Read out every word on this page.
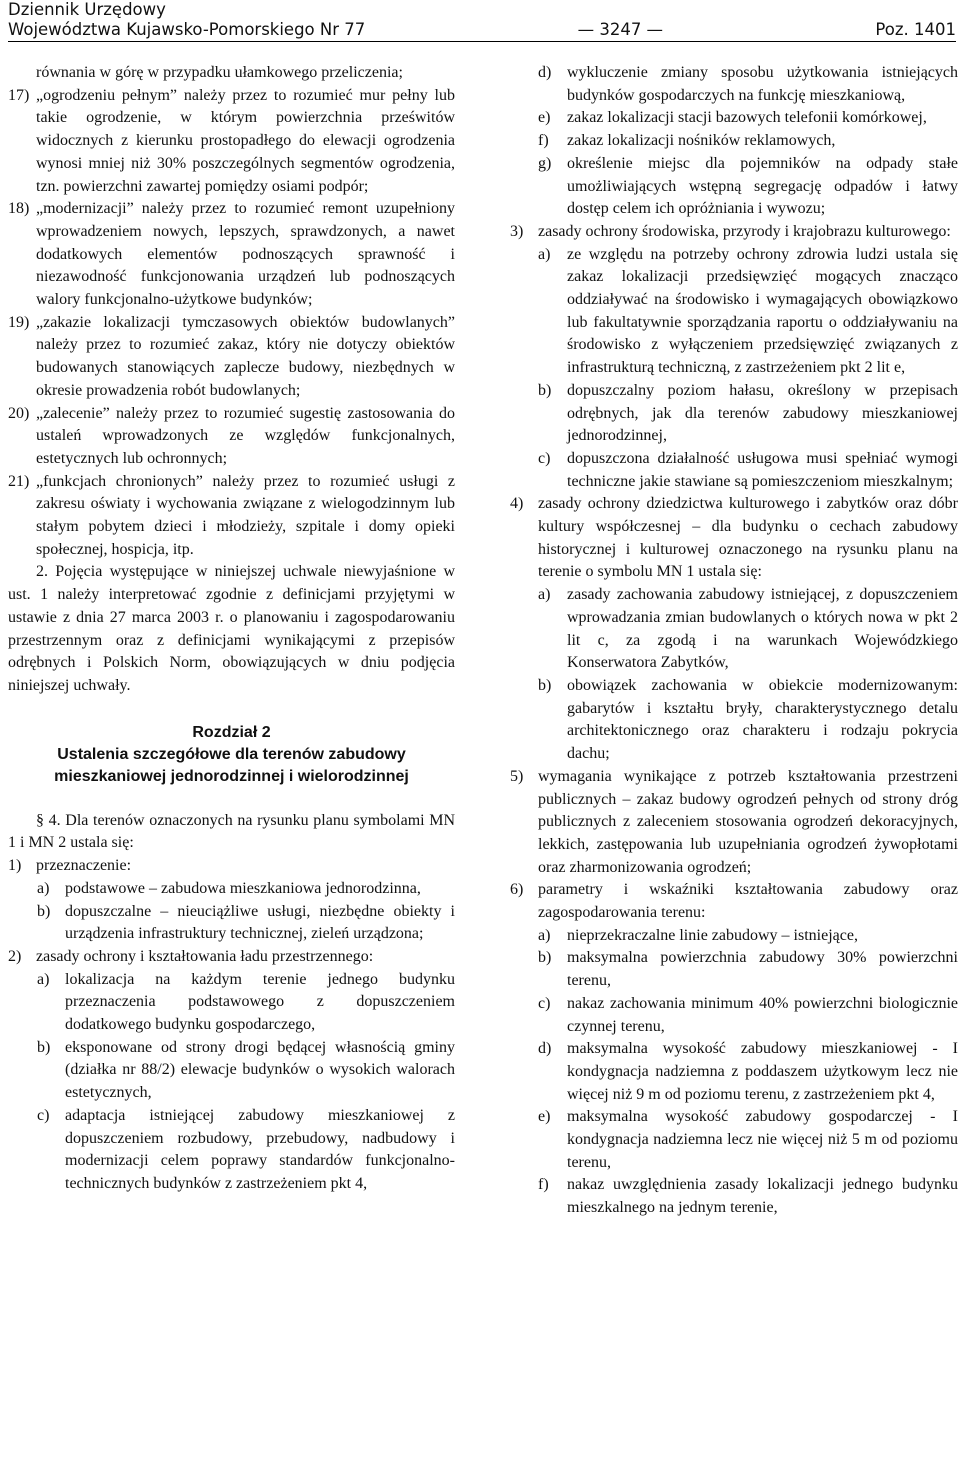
Dziennik Urzędowy
Województwa Kujawsko-Pomorskiego Nr 77	— 3247 —	Poz. 1401

równania w górę w przypadku ułamkowego przeliczenia;

17) „ogrodzeniu pełnym” należy przez to rozumieć mur pełny lub takie ogrodzenie, w którym powierzchnia prześwitów widocznych z kierunku prostopadłego do elewacji ogrodzenia wynosi mniej niż 30% poszczególnych segmentów ogrodzenia, tzn. powierzchni zawartej pomiędzy osiami podpór;

18) „modernizacji” należy przez to rozumieć remont uzupełniony wprowadzeniem nowych, lepszych, sprawdzonych, a nawet dodatkowych elementów podnoszących sprawność i niezawodność funkcjonowania urządzeń lub podnoszących walory funkcjonalno-użytkowe budynków;

19) „zakazie lokalizacji tymczasowych obiektów budowlanych” należy przez to rozumieć zakaz, który nie dotyczy obiektów budowanych stanowiących zaplecze budowy, niezbędnych w okresie prowadzenia robót budowlanych;

20) „zalecenie” należy przez to rozumieć sugestię zastosowania do ustaleń wprowadzonych ze względów funkcjonalnych, estetycznych lub ochronnych;

21) „funkcjach chronionych” należy przez to rozumieć usługi z zakresu oświaty i wychowania związane z wielogodzinnym lub stałym pobytem dzieci i młodzieży, szpitale i domy opieki społecznej, hospicja, itp.

2. Pojęcia występujące w niniejszej uchwale niewyjaśnione w ust. 1 należy interpretować zgodnie z definicjami przyjętymi w ustawie z dnia 27 marca 2003 r. o planowaniu i zagospodarowaniu przestrzennym oraz z definicjami wynikającymi z przepisów odrębnych i Polskich Norm, obowiązujących w dniu podjęcia niniejszej uchwały.

Rozdział 2

Ustalenia szczegółowe dla terenów zabudowy

mieszkaniowej jednorodzinnej i wielorodzinnej

§ 4. Dla terenów oznaczonych na rysunku planu symbolami MN 1 i MN 2 ustala się:

1) przeznaczenie:

a) podstawowe – zabudowa mieszkaniowa jednorodzinna,

b) dopuszczalne – nieuciążliwe usługi, niezbędne obiekty i urządzenia infrastruktury technicznej, zieleń urządzona;

2) zasady ochrony i kształtowania ładu przestrzennego:

a) lokalizacja na każdym terenie jednego budynku przeznaczenia podstawowego z dopuszczeniem dodatkowego budynku gospodarczego,

b) eksponowane od strony drogi będącej własnością gminy (działka nr 88/2) elewacje budynków o wysokich walorach estetycznych,

c) adaptacja istniejącej zabudowy mieszkaniowej z dopuszczeniem rozbudowy, przebudowy, nadbudowy i modernizacji celem poprawy standardów funkcjonalno-technicznych budynków z zastrzeżeniem pkt 4,

d) wykluczenie zmiany sposobu użytkowania istniejących budynków gospodarczych na funkcję mieszkaniową,

e)	zakaz lokalizacji stacji bazowych telefonii komórkowej,

f)	zakaz lokalizacji nośników reklamowych,

g) określenie miejsc dla pojemników na odpady stałe umożliwiających wstępną segregację odpadów i łatwy dostęp celem ich opróżniania i wywozu;

3) zasady ochrony środowiska, przyrody i krajobrazu kulturowego:

a)	ze względu na potrzeby ochrony zdrowia ludzi ustala się zakaz lokalizacji przedsięwzięć mogących znacząco oddziaływać na środowisko i wymagających obowiązkowo lub fakultatywnie sporządzania raportu o oddziaływaniu na środowisko z wyłączeniem przedsięwzięć związanych z infrastrukturą techniczną, z zastrzeżeniem pkt 2 lit e,

b) dopuszczalny poziom hałasu, określony w przepisach odrębnych, jak dla terenów zabudowy mieszkaniowej jednorodzinnej,

c)	dopuszczona działalność usługowa musi spełniać wymogi techniczne jakie stawiane są pomieszczeniom mieszkalnym;

4) zasady ochrony dziedzictwa kulturowego i zabytków oraz dóbr kultury współczesnej – dla budynku o cechach zabudowy historycznej i kulturowej oznaczonego na rysunku planu na terenie o symbolu MN 1 ustala się:

a)	zasady zachowania zabudowy istniejącej, z dopuszczeniem wprowadzania zmian budowlanych o których nowa w pkt 2 lit c, za zgodą i na warunkach Wojewódzkiego Konserwatora Zabytków,

b) obowiązek zachowania w obiekcie modernizowanym: gabarytów i kształtu bryły, charakterystycznego detalu architektonicznego oraz charakteru i rodzaju pokrycia dachu;

5) wymagania wynikające z potrzeb kształtowania przestrzeni publicznych – zakaz budowy ogrodzeń pełnych od strony dróg publicznych z zaleceniem stosowania ogrodzeń dekoracyjnych, lekkich, zastępowania lub uzupełniania ogrodzeń żywopłotami oraz zharmonizowania ogrodzeń;

6) parametry i wskaźniki kształtowania zabudowy oraz zagospodarowania terenu:

a)	nieprzekraczalne linie zabudowy – istniejące,

b) maksymalna powierzchnia zabudowy 30% powierzchni terenu,

c)	nakaz zachowania minimum 40% powierzchni biologicznie czynnej terenu,

d) maksymalna wysokość zabudowy mieszkaniowej - I kondygnacja nadziemna z poddaszem użytkowym lecz nie więcej niż 9 m od poziomu terenu, z zastrzeżeniem pkt 4,

e)	maksymalna wysokość zabudowy gospodarczej - I kondygnacja nadziemna lecz nie więcej niż 5 m od poziomu terenu,

f)	nakaz uwzględnienia zasady lokalizacji jednego budynku mieszkalnego na jednym terenie,
